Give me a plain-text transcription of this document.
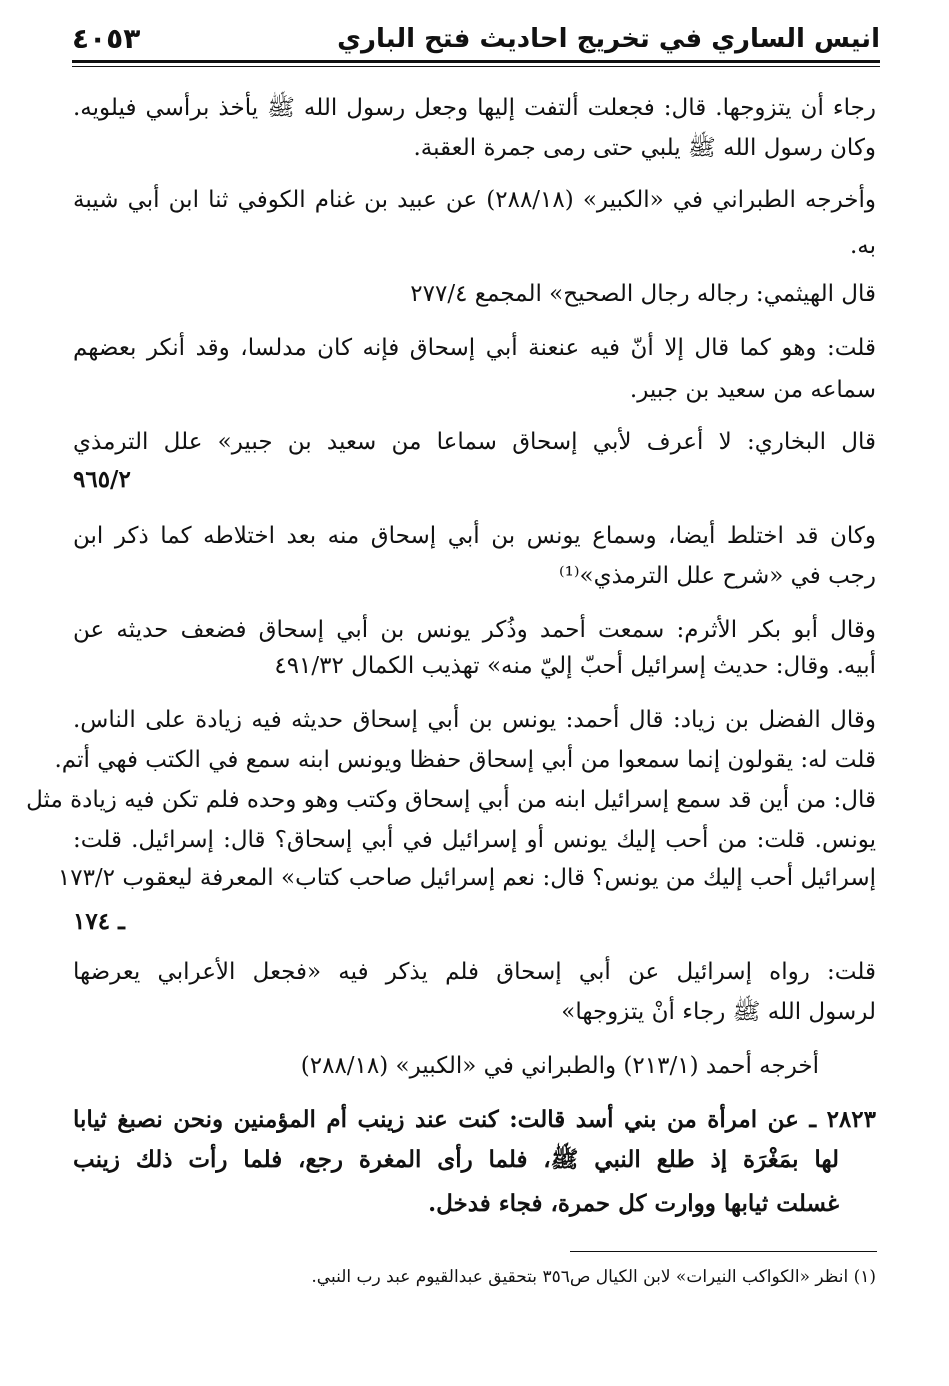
انيس الساري في تخريج احاديث فتح الباري
٤٠٥٣
رجاء أن يتزوجها. قال: فجعلت ألتفت إليها وجعل رسول الله ﷺ يأخذ برأسي فيلويه.
وكان رسول الله ﷺ يلبي حتى رمى جمرة العقبة.
وأخرجه الطبراني في «الكبير» (٢٨٨/١٨) عن عبيد بن غنام الكوفي ثنا ابن أبي شيبة
به.
قال الهيثمي: رجاله رجال الصحيح» المجمع ٢٧٧/٤
قلت: وهو كما قال إلا أنّ فيه عنعنة أبي إسحاق فإنه كان مدلسا، وقد أنكر بعضهم
سماعه من سعيد بن جبير.
قال البخاري: لا أعرف لأبي إسحاق سماعا من سعيد بن جبير» علل الترمذي
٩٦٥/٢
وكان قد اختلط أيضا، وسماع يونس بن أبي إسحاق منه بعد اختلاطه كما ذكر ابن
رجب في «شرح علل الترمذي»⁽¹⁾
وقال أبو بكر الأثرم: سمعت أحمد وذُكر يونس بن أبي إسحاق فضعف حديثه عن
أبيه. وقال: حديث إسرائيل أحبّ إليّ منه» تهذيب الكمال ٤٩١/٣٢
وقال الفضل بن زياد: قال أحمد: يونس بن أبي إسحاق حديثه فيه زيادة على الناس.
قلت له: يقولون إنما سمعوا من أبي إسحاق حفظا ويونس ابنه سمع في الكتب فهي أتم.
قال: من أين قد سمع إسرائيل ابنه من أبي إسحاق وكتب وهو وحده فلم تكن فيه زيادة مثل
يونس. قلت: من أحب إليك يونس أو إسرائيل في أبي إسحاق؟ قال: إسرائيل. قلت:
إسرائيل أحب إليك من يونس؟ قال: نعم إسرائيل صاحب كتاب» المعرفة ليعقوب ١٧٣/٢
ـ ١٧٤
قلت: رواه إسرائيل عن أبي إسحاق فلم يذكر فيه «فجعل الأعرابي يعرضها
لرسول الله ﷺ رجاء أنْ يتزوجها»
أخرجه أحمد (٢١٣/١) والطبراني في «الكبير» (٢٨٨/١٨)
٢٨٢٣ ـ عن امرأة من بني أسد قالت: كنت عند زينب أم المؤمنين ونحن نصبغ ثيابا
لها بمَغْرَة إذ طلع النبي ﷺ، فلما رأى المغرة رجع، فلما رأت ذلك زينب
غسلت ثيابها ووارت كل حمرة، فجاء فدخل.
(١) انظر «الكواكب النيرات» لابن الكيال ص٣٥٦ بتحقيق عبدالقيوم عبد رب النبي.
